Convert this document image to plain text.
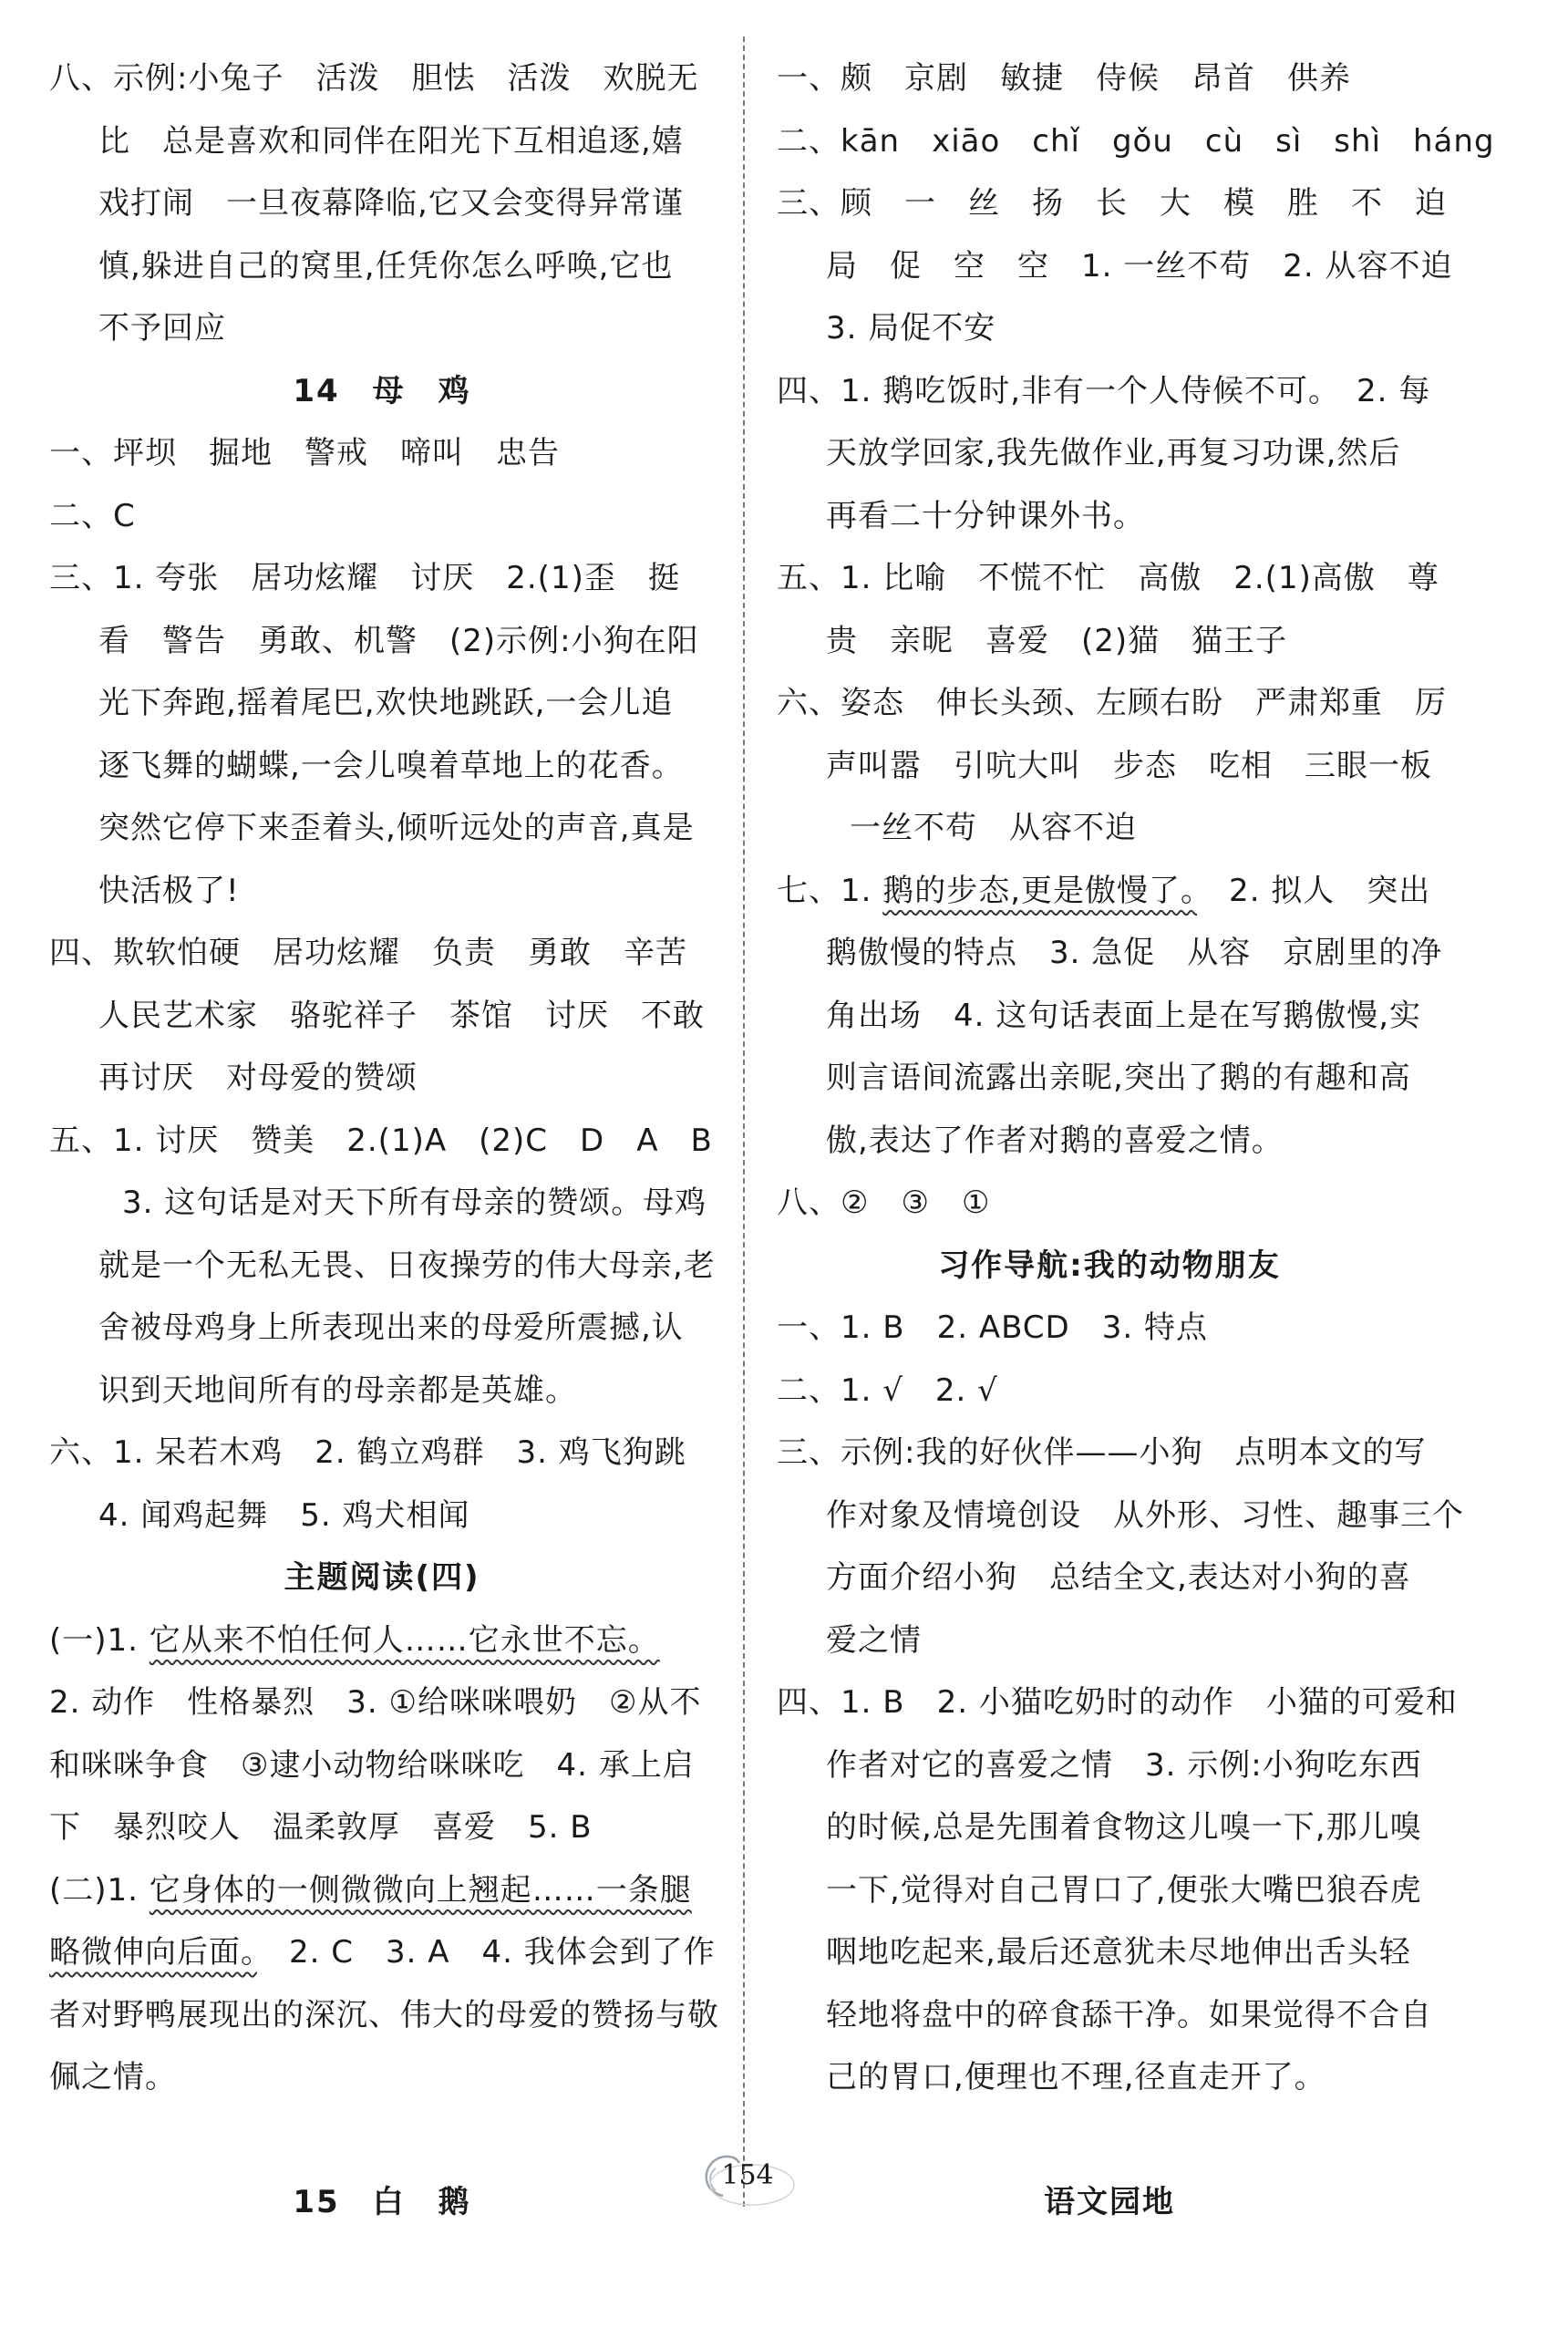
八、示例:小兔子　活泼　胆怯　活泼　欢脱无
比　总是喜欢和同伴在阳光下互相追逐,嬉
戏打闹　一旦夜幕降临,它又会变得异常谨
慎,躲进自己的窝里,任凭你怎么呼唤,它也
不予回应
14　母　鸡
一、坪坝　掘地　警戒　啼叫　忠告
二、C
三、1. 夸张　居功炫耀　讨厌　2.(1)歪　挺
看　警告　勇敢、机警　(2)示例:小狗在阳
光下奔跑,摇着尾巴,欢快地跳跃,一会儿追
逐飞舞的蝴蝶,一会儿嗅着草地上的花香。
突然它停下来歪着头,倾听远处的声音,真是
快活极了!
四、欺软怕硬　居功炫耀　负责　勇敢　辛苦
人民艺术家　骆驼祥子　茶馆　讨厌　不敢
再讨厌　对母爱的赞颂
五、1. 讨厌　赞美　2.(1)A　(2)C　D　A　B
3. 这句话是对天下所有母亲的赞颂。母鸡
就是一个无私无畏、日夜操劳的伟大母亲,老
舍被母鸡身上所表现出来的母爱所震撼,认
识到天地间所有的母亲都是英雄。
六、1. 呆若木鸡　2. 鹤立鸡群　3. 鸡飞狗跳
4. 闻鸡起舞　5. 鸡犬相闻
主题阅读(四)
(一)1. 它从来不怕任何人……它永世不忘。
2. 动作　性格暴烈　3. ①给咪咪喂奶　②从不
和咪咪争食　③逮小动物给咪咪吃　4. 承上启
下　暴烈咬人　温柔敦厚　喜爱　5. B
(二)1. 它身体的一侧微微向上翘起……一条腿
略微伸向后面。　2. C　3. A　4. 我体会到了作
者对野鸭展现出的深沉、伟大的母爱的赞扬与敬
佩之情。
15　白　鹅
一、颇　京剧　敏捷　侍候　昂首　供养
二、kān　xiāo　chǐ　gǒu　cù　sì　shì　háng
三、顾　一　丝　扬　长　大　模　胜　不　迫
局　促　空　空　1. 一丝不苟　2. 从容不迫
3. 局促不安
四、1. 鹅吃饭时,非有一个人侍候不可。　2. 每
天放学回家,我先做作业,再复习功课,然后
再看二十分钟课外书。
五、1. 比喻　不慌不忙　高傲　2.(1)高傲　尊
贵　亲昵　喜爱　(2)猫　猫王子
六、姿态　伸长头颈、左顾右盼　严肃郑重　厉
声叫嚣　引吭大叫　步态　吃相　三眼一板
一丝不苟　从容不迫
七、1. 鹅的步态,更是傲慢了。　2. 拟人　突出
鹅傲慢的特点　3. 急促　从容　京剧里的净
角出场　4. 这句话表面上是在写鹅傲慢,实
则言语间流露出亲昵,突出了鹅的有趣和高
傲,表达了作者对鹅的喜爱之情。
八、②　③　①
习作导航:我的动物朋友
一、1. B　2. ABCD　3. 特点
二、1. √　2. √
三、示例:我的好伙伴——小狗　点明本文的写
作对象及情境创设　从外形、习性、趣事三个
方面介绍小狗　总结全文,表达对小狗的喜
爱之情
四、1. B　2. 小猫吃奶时的动作　小猫的可爱和
作者对它的喜爱之情　3. 示例:小狗吃东西
的时候,总是先围着食物这儿嗅一下,那儿嗅
一下,觉得对自己胃口了,便张大嘴巴狼吞虎
咽地吃起来,最后还意犹未尽地伸出舌头轻
轻地将盘中的碎食舔干净。如果觉得不合自
己的胃口,便理也不理,径直走开了。
语文园地
154
